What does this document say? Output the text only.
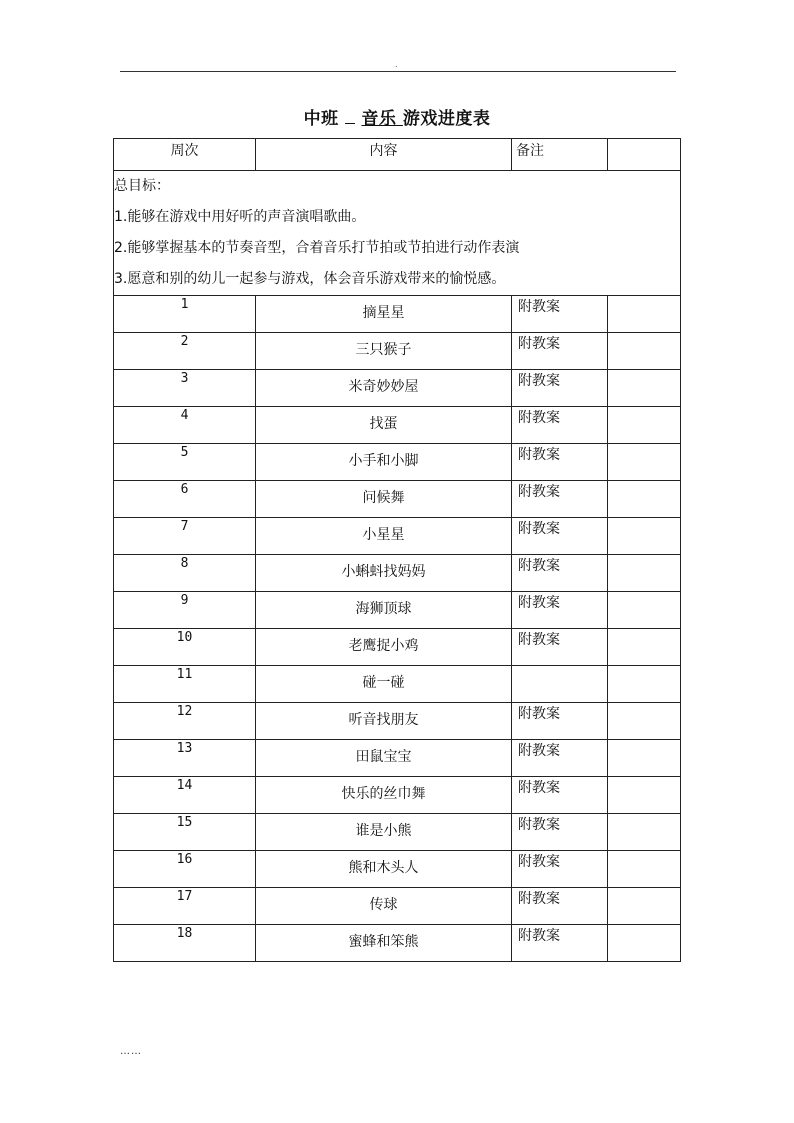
.
中班 音乐 游戏进度表
周次	内容	备注	

总目标：
1.能够在游戏中用好听的声音演唱歌曲。
2.能够掌握基本的节奏音型，合着音乐打节拍或节拍进行动作表演
3.愿意和别的幼儿一起参与游戏，体会音乐游戏带来的愉悦感。			

1	摘星星	附教案	
2	三只猴子	附教案	
3	米奇妙妙屋	附教案	
4	找蛋	附教案	
5	小手和小脚	附教案	
6	问候舞	附教案	
7	小星星	附教案	
8	小蝌蚪找妈妈	附教案	
9	海狮顶球	附教案	
10	老鹰捉小鸡	附教案	
11	碰一碰		
12	听音找朋友	附教案	
13	田鼠宝宝	附教案	
14	快乐的丝巾舞	附教案	
15	谁是小熊	附教案	
16	熊和木头人	附教案	
17	传球	附教案	
18	蜜蜂和笨熊	附教案	
……
